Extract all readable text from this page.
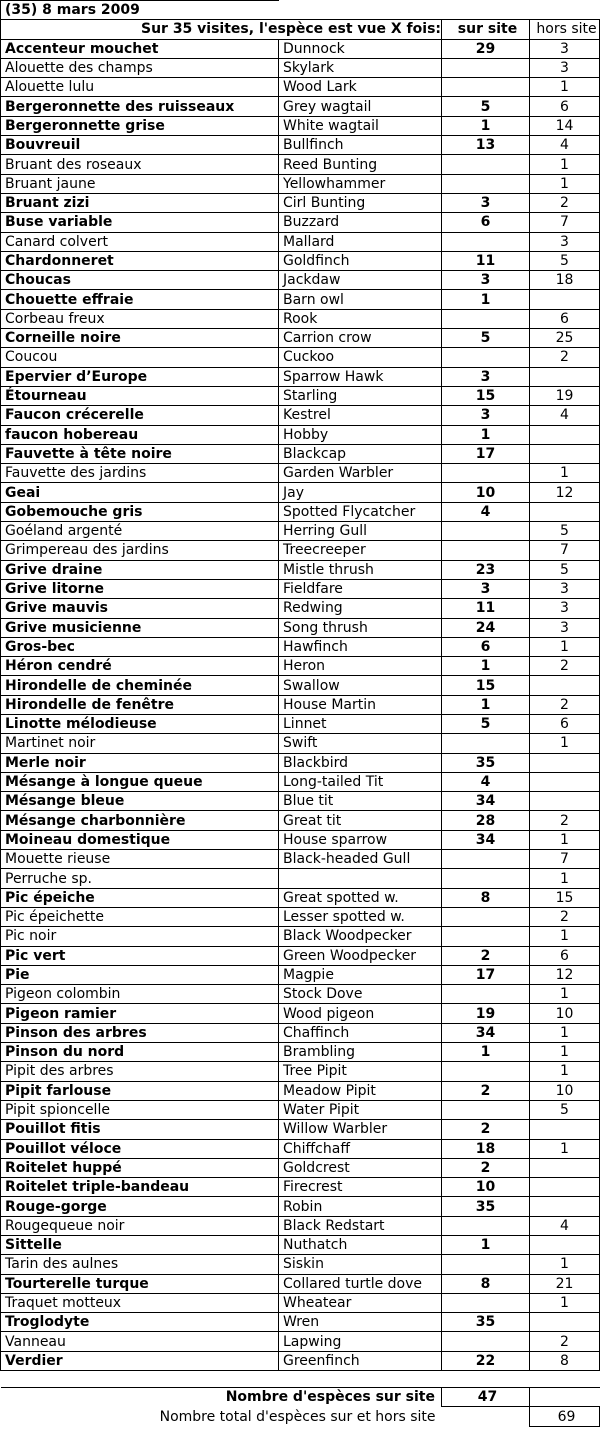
(35) 8 mars 2009			
Sur 35 visites, l'espèce est vue X fois:		sur site	hors site
Accenteur mouchet	Dunnock	29	3
Alouette des champs	Skylark		3
Alouette lulu	Wood Lark		1
Bergeronnette des ruisseaux	Grey wagtail	5	6
Bergeronnette grise	White wagtail	1	14
Bouvreuil	Bullfinch	13	4
Bruant des roseaux	Reed Bunting		1
Bruant jaune	Yellowhammer		1
Bruant zizi	Cirl Bunting	3	2
Buse variable	Buzzard	6	7
Canard colvert	Mallard		3
Chardonneret	Goldfinch	11	5
Choucas	Jackdaw	3	18
Chouette effraie	Barn owl	1	
Corbeau freux	Rook		6
Corneille noire	Carrion crow	5	25
Coucou	Cuckoo		2
Epervier d’Europe	Sparrow Hawk	3	
Étourneau	Starling	15	19
Faucon crécerelle	Kestrel	3	4
faucon hobereau	Hobby	1	
Fauvette à tête noire	Blackcap	17	
Fauvette des jardins	Garden Warbler		1
Geai	Jay	10	12
Gobemouche gris	Spotted Flycatcher	4	
Goéland argenté	Herring Gull		5
Grimpereau des jardins	Treecreeper		7
Grive draine	Mistle thrush	23	5
Grive litorne	Fieldfare	3	3
Grive mauvis	Redwing	11	3
Grive musicienne	Song thrush	24	3
Gros-bec	Hawfinch	6	1
Héron cendré	Heron	1	2
Hirondelle de cheminée	Swallow	15	
Hirondelle de fenêtre	House Martin	1	2
Linotte mélodieuse	Linnet	5	6
Martinet noir	Swift		1
Merle noir	Blackbird	35	
Mésange à longue queue	Long-tailed Tit	4	
Mésange bleue	Blue tit	34	
Mésange charbonnière	Great tit	28	2
Moineau domestique	House sparrow	34	1
Mouette rieuse	Black-headed Gull		7
Perruche sp.			1
Pic épeiche	Great spotted w.	8	15
Pic épeichette	Lesser spotted w.		2
Pic noir	Black Woodpecker		1
Pic vert	Green Woodpecker	2	6
Pie	Magpie	17	12
Pigeon colombin	Stock Dove		1
Pigeon ramier	Wood pigeon	19	10
Pinson des arbres	Chaffinch	34	1
Pinson du nord	Brambling	1	1
Pipit des arbres	Tree Pipit		1
Pipit farlouse	Meadow Pipit	2	10
Pipit spioncelle	Water Pipit		5
Pouillot fitis	Willow Warbler	2	
Pouillot véloce	Chiffchaff	18	1
Roitelet huppé	Goldcrest	2	
Roitelet triple-bandeau	Firecrest	10	
Rouge-gorge	Robin	35	
Rougequeue noir	Black Redstart		4
Sittelle	Nuthatch	1	
Tarin des aulnes	Siskin		1
Tourterelle turque	Collared turtle dove	8	21
Traquet motteux	Wheatear		1
Troglodyte	Wren	35	
Vanneau	Lapwing		2
Verdier	Greenfinch	22	8

Nombre d'espèces sur site		47	
Nombre total d'espèces sur et hors site			69
